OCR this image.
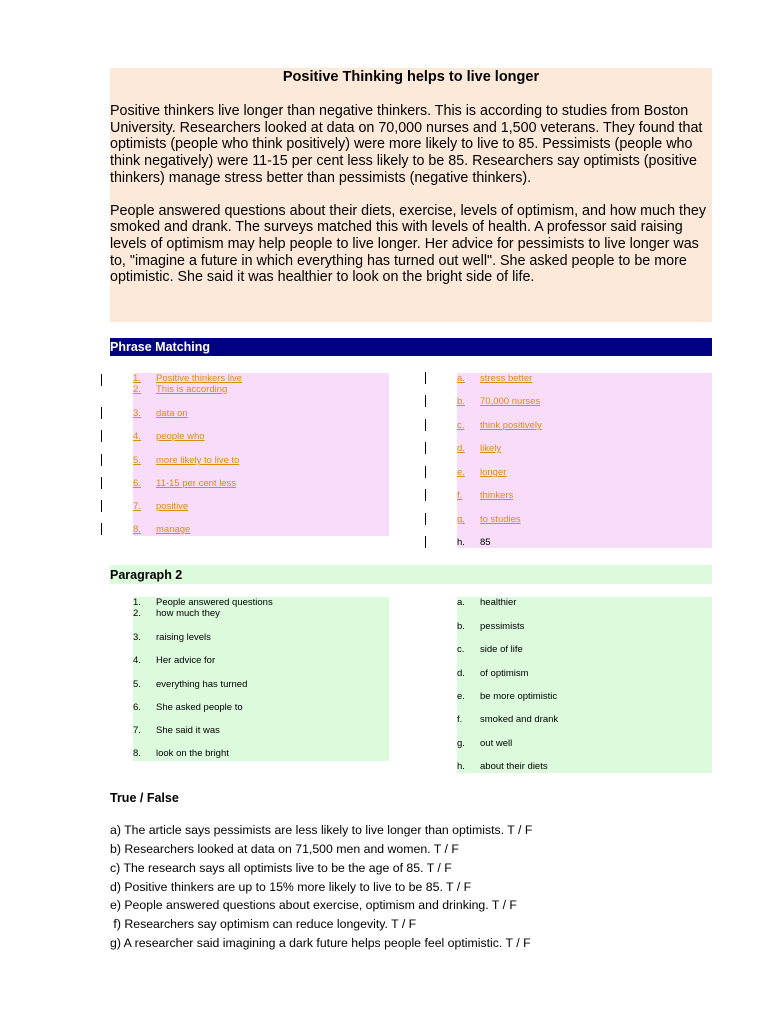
Positive Thinking helps to live longer

Positive thinkers live longer than negative thinkers. This is according to studies from Boston University. Researchers looked at data on 70,000 nurses and 1,500 veterans. They found that optimists (people who think positively) were more likely to live to 85. Pessimists (people who think negatively) were 11-15 per cent less likely to be 85. Researchers say optimists (positive thinkers) manage stress better than pessimists (negative thinkers).

People answered questions about their diets, exercise, levels of optimism, and how much they smoked and drank. The surveys matched this with levels of health. A professor said raising levels of optimism may help people to live longer. Her advice for pessimists to live longer was to, "imagine a future in which everything has turned out well". She asked people to be more optimistic. She said it was healthier to look on the bright side of life.

Phrase Matching
1. Positive thinkers live
2. This is according
3. data on
4. people who
5. more likely to live to
6. 11-15 per cent less
7. positive
8. manage
a. stress better
b. 70,000 nurses
c. think positively
d. likely
e. longer
f. thinkers
g. to studies
h. 85
Paragraph 2
1. People answered questions
2. how much they
3. raising levels
4. Her advice for
5. everything has turned
6. She asked people to
7. She said it was
8. look on the bright
a. healthier
b. pessimists
c. side of life
d. of optimism
e. be more optimistic
f. smoked and drank
g. out well
h. about their diets
True / False
a) The article says pessimists are less likely to live longer than optimists. T / F
b) Researchers looked at data on 71,500 men and women. T / F
c) The research says all optimists live to be the age of 85. T / F
d) Positive thinkers are up to 15% more likely to live to be 85. T / F
e) People answered questions about exercise, optimism and drinking. T / F
f) Researchers say optimism can reduce longevity. T / F
g) A researcher said imagining a dark future helps people feel optimistic. T / F
